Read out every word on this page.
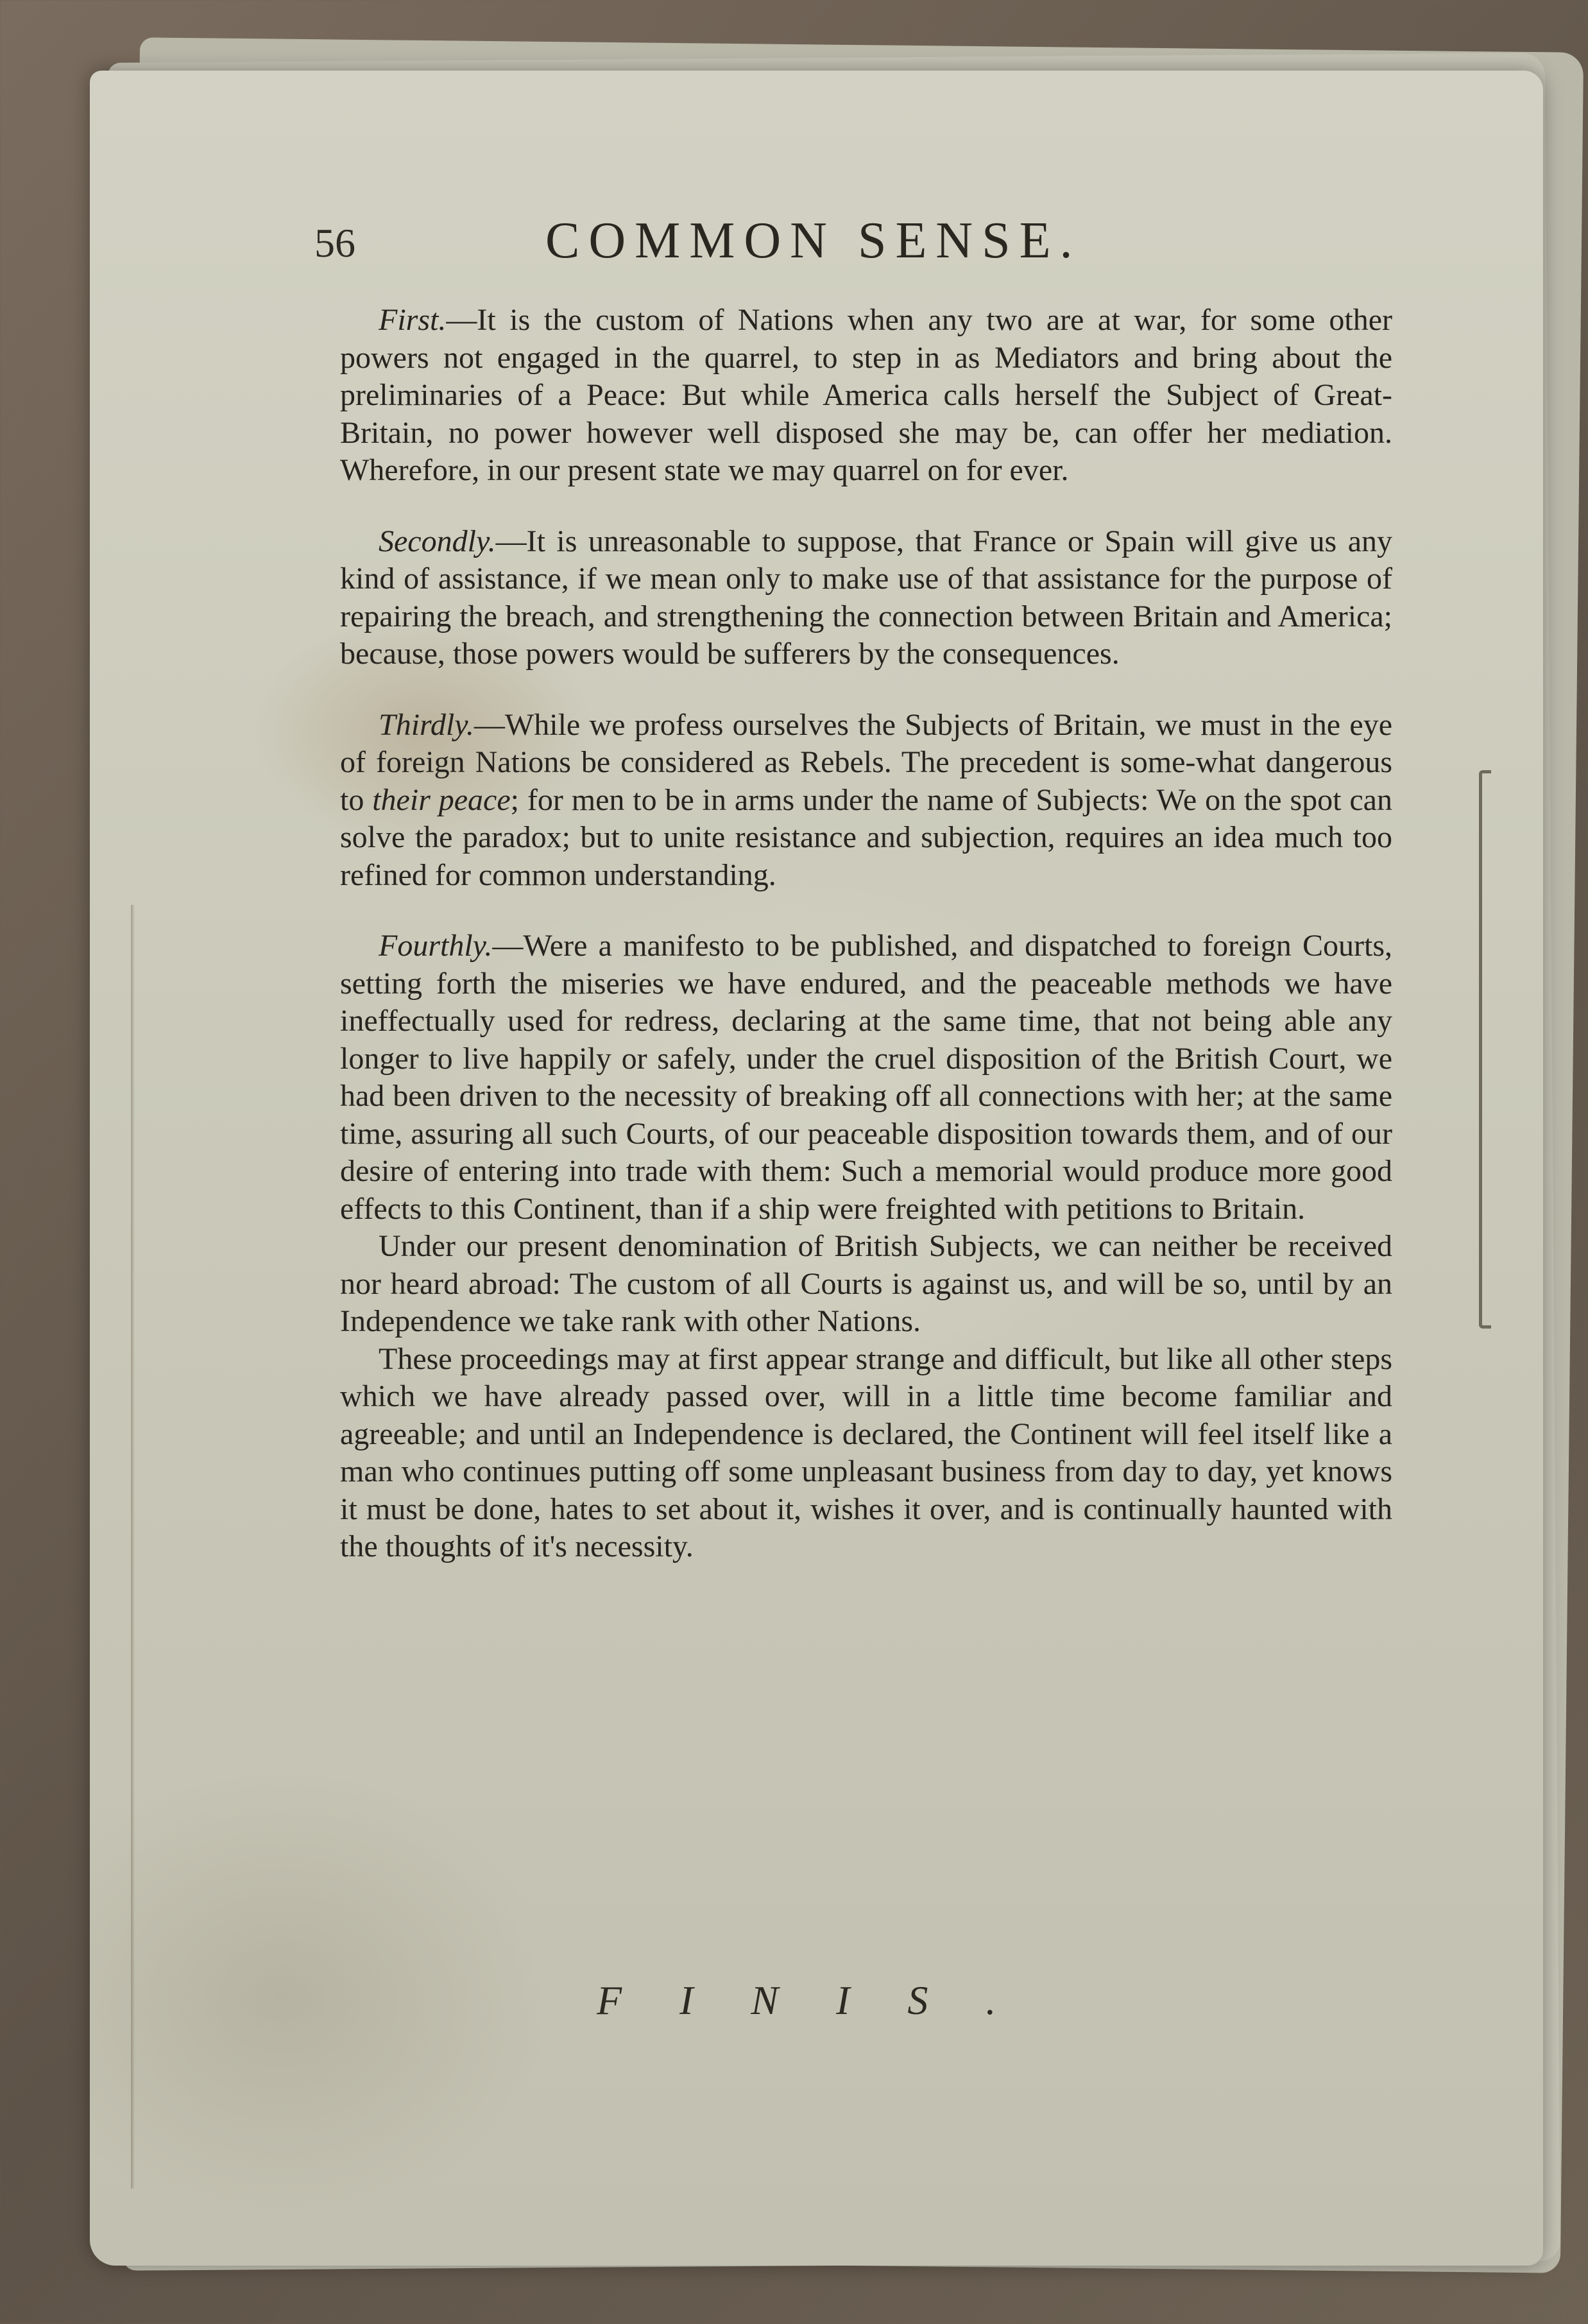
56	COMMON SENSE.

First.—It is the custom of Nations when any two are at war, for some other powers not engaged in the quarrel, to step in as Mediators and bring about the preliminaries of a Peace: But while America calls herself the Subject of Great-Britain, no power however well disposed she may be, can offer her mediation. Wherefore, in our present state we may quarrel on for ever.

Secondly.—It is unreasonable to suppose, that France or Spain will give us any kind of assistance, if we mean only to make use of that assistance for the purpose of repairing the breach, and strengthening the connection between Britain and America; because, those powers would be sufferers by the consequences.

Thirdly.—While we profess ourselves the Subjects of Britain, we must in the eye of foreign Nations be considered as Rebels. The precedent is some-what dangerous to their peace; for men to be in arms under the name of Subjects: We on the spot can solve the paradox; but to unite resistance and subjection, requires an idea much too refined for common understanding.

Fourthly.—Were a manifesto to be published, and dispatched to foreign Courts, setting forth the miseries we have endured, and the peaceable methods we have ineffectually used for redress, declaring at the same time, that not being able any longer to live happily or safely, under the cruel disposition of the British Court, we had been driven to the necessity of breaking off all connections with her; at the same time, assuring all such Courts, of our peaceable disposition towards them, and of our desire of entering into trade with them: Such a memorial would produce more good effects to this Continent, than if a ship were freighted with petitions to Britain.

Under our present denomination of British Subjects, we can neither be received nor heard abroad: The custom of all Courts is against us, and will be so, until by an Independence we take rank with other Nations.

These proceedings may at first appear strange and difficult, but like all other steps which we have already passed over, will in a little time become familiar and agreeable; and until an Independence is declared, the Continent will feel itself like a man who continues putting off some unpleasant business from day to day, yet knows it must be done, hates to set about it, wishes it over, and is continually haunted with the thoughts of it's necessity.

FINIS.
